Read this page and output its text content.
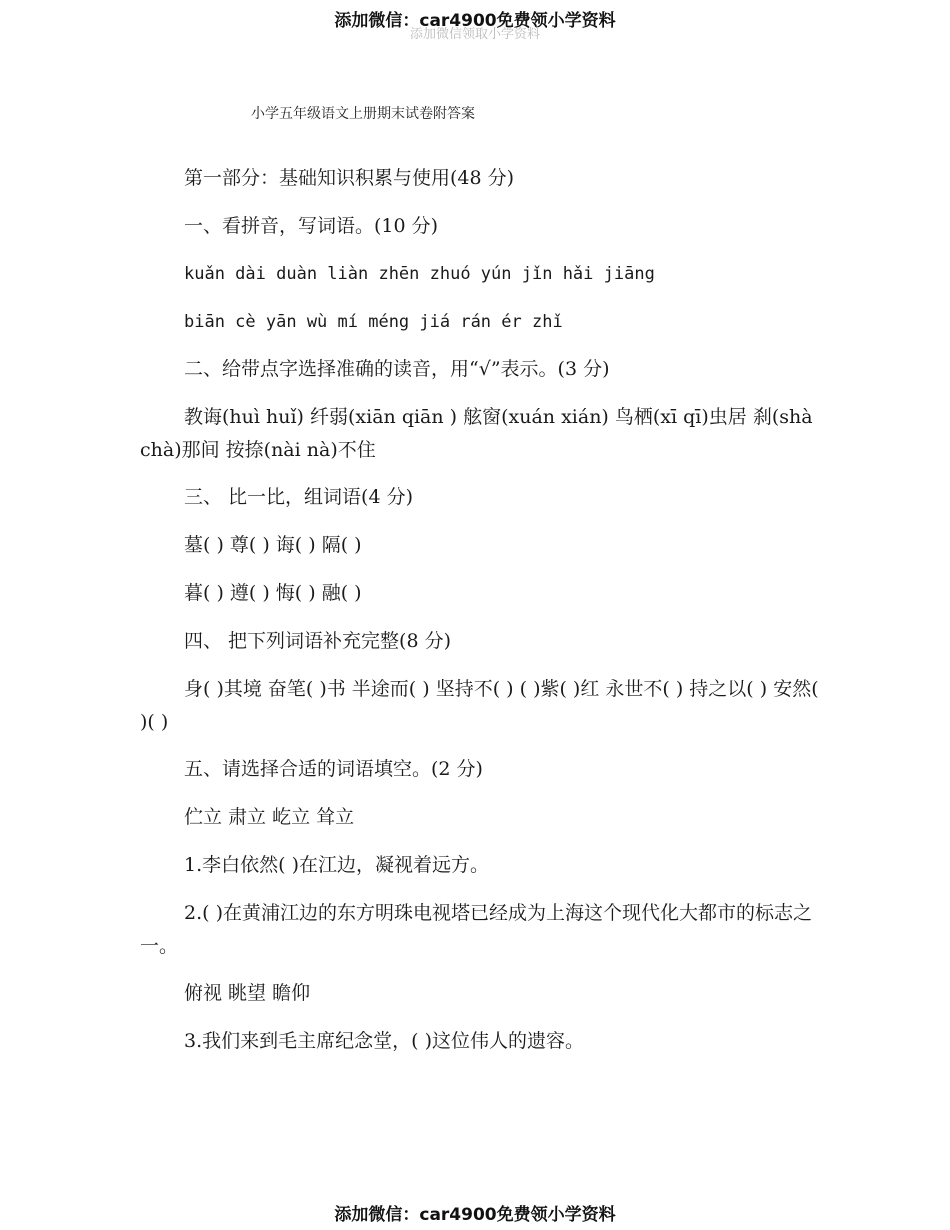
添加微信：car4900免费领小学资料
添加微信领取小学资料
小学五年级语文上册期末试卷附答案
第一部分：基础知识积累与使用(48 分)
一、看拼音，写词语。(10 分)
kuǎn dài duàn liàn zhēn zhuó yún jǐn hǎi jiāng
biān cè yān wù mí méng jiá rán ér zhǐ
二、给带点字选择准确的读音，用“√”表示。(3 分)
教诲(huì huǐ) 纤弱(xiān qiān ) 舷窗(xuán xián) 鸟栖(xī qī)虫居 刹(shà chà)那间 按捺(nài nà)不住
三、 比一比，组词语(4 分)
墓( ) 尊( ) 诲( ) 隔( )
暮( ) 遵( ) 悔( ) 融( )
四、 把下列词语补充完整(8 分)
身( )其境 奋笔( )书 半途而( ) 坚持不( ) ( )紫( )红 永世不( ) 持之以( ) 安然( )( )
五、请选择合适的词语填空。(2 分)
伫立 肃立 屹立 耸立
1.李白依然( )在江边，凝视着远方。
2.( )在黄浦江边的东方明珠电视塔已经成为上海这个现代化大都市的标志之一。
俯视 眺望 瞻仰
3.我们来到毛主席纪念堂，( )这位伟人的遗容。
添加微信：car4900免费领小学资料
